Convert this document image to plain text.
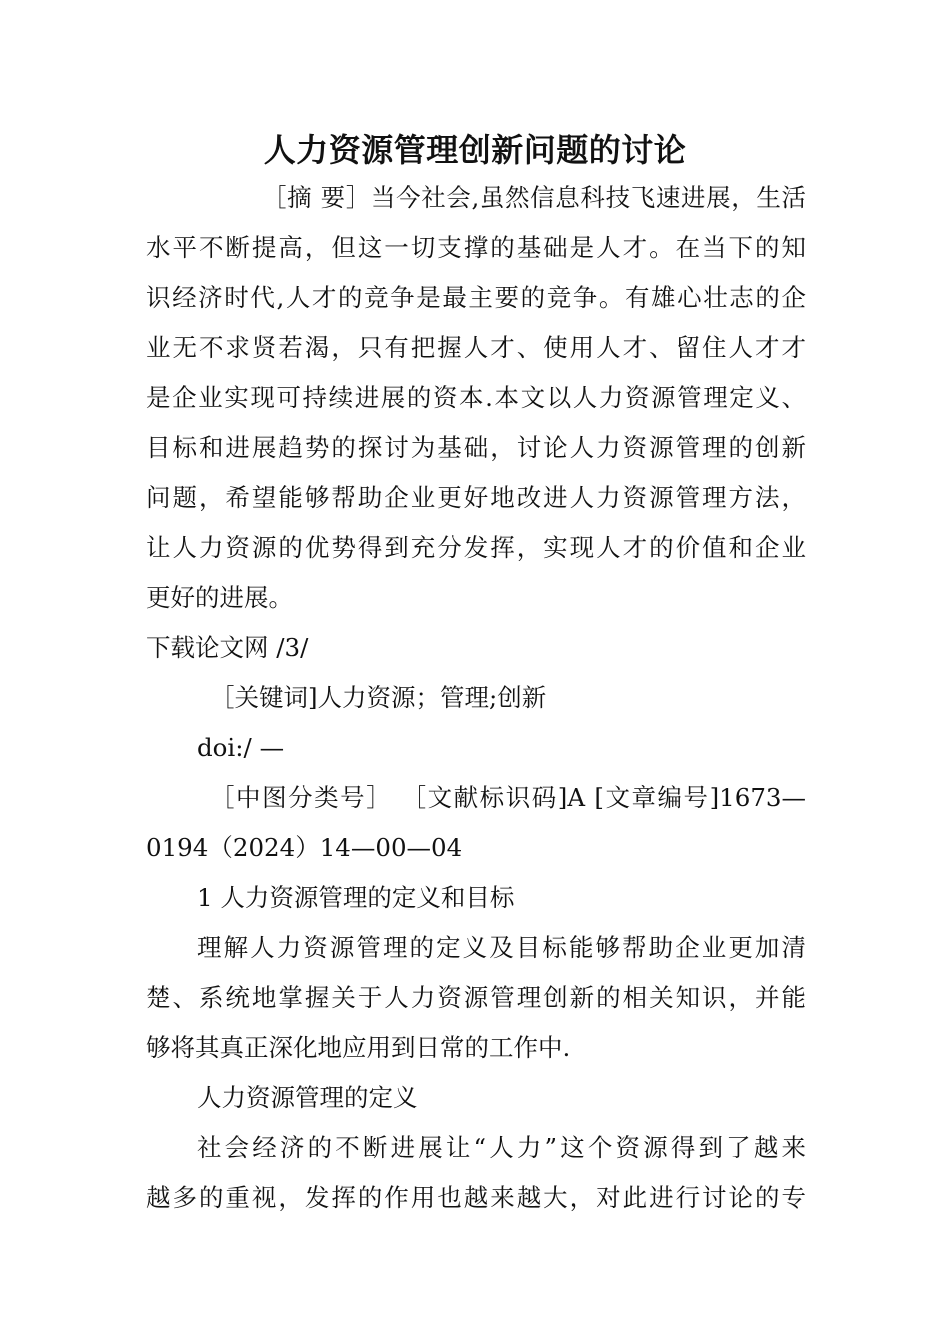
人力资源管理创新问题的讨论
［摘 要］当今社会,虽然信息科技飞速进展，生活
水平不断提高，但这一切支撑的基础是人才。在当下的知
识经济时代,人才的竞争是最主要的竞争。有雄心壮志的企
业无不求贤若渴，只有把握人才、使用人才、留住人才才
是企业实现可持续进展的资本.本文以人力资源管理定义、
目标和进展趋势的探讨为基础，讨论人力资源管理的创新
问题，希望能够帮助企业更好地改进人力资源管理方法，
让人力资源的优势得到充分发挥，实现人才的价值和企业
更好的进展。
下载论文网 /3/
［关键词]人力资源；管理;创新
doi:/ —
［中图分类号］ ［文献标识码]A [文章编号]1673—
0194（2024）14—00—04
1 人力资源管理的定义和目标
理解人力资源管理的定义及目标能够帮助企业更加清
楚、系统地掌握关于人力资源管理创新的相关知识，并能
够将其真正深化地应用到日常的工作中.
人力资源管理的定义
社会经济的不断进展让“人力”这个资源得到了越来
越多的重视，发挥的作用也越来越大，对此进行讨论的专
